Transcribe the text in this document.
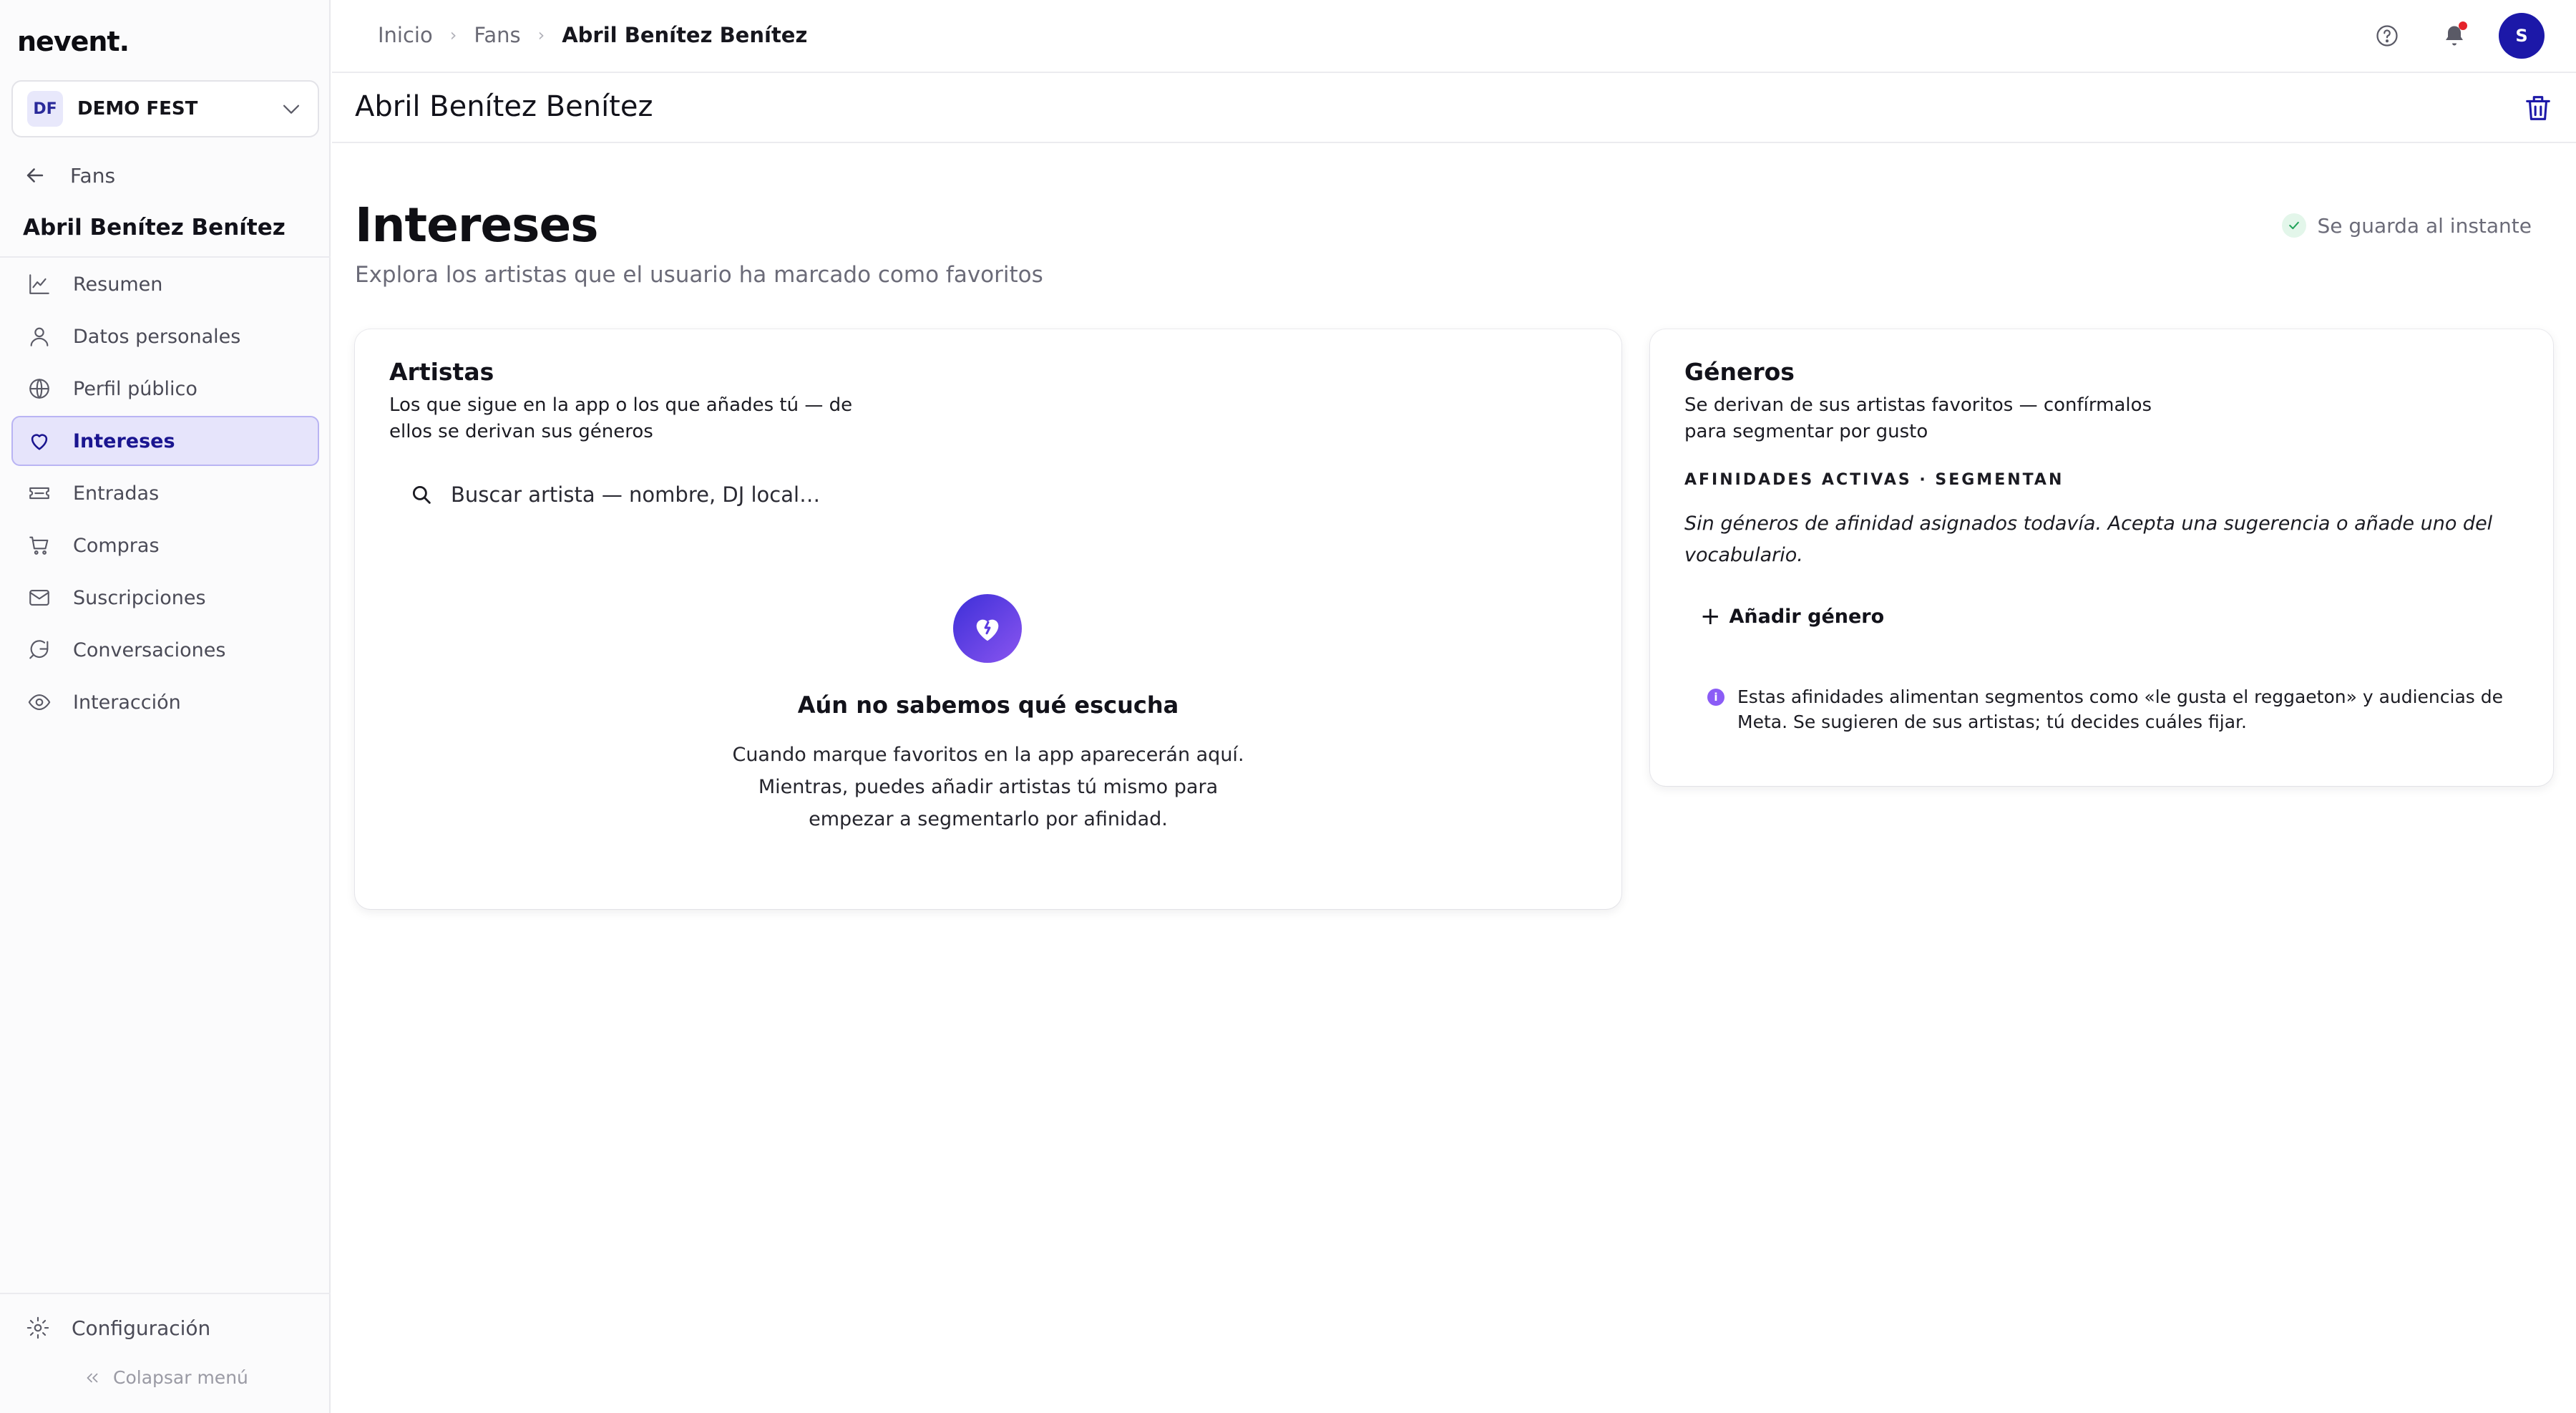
nevent.
DF	DEMO FEST
Fans
Abril Benítez Benítez
Resumen
Datos personales
Perfil público
Intereses
Entradas
Compras
Suscripciones
Conversaciones
Interacción
Configuración
Colapsar menú
Inicio › Fans › Abril Benítez Benítez	S
Abril Benítez Benítez
Intereses

Explora los artistas que el usuario ha marcado como favoritos

Se guarda al instante
Artistas
Los que sigue en la app o los que añades tú — de
ellos se derivan sus géneros
Buscar artista — nombre, DJ local…
Aún no sabemos qué escucha
Cuando marque favoritos en la app aparecerán aquí.
Mientras, puedes añadir artistas tú mismo para
empezar a segmentarlo por afinidad.
Géneros
Se derivan de sus artistas favoritos — confírmalos
para segmentar por gusto
AFINIDADES ACTIVAS · SEGMENTAN
Sin géneros de afinidad asignados todavía. Acepta una sugerencia o añade uno del vocabulario.
+ Añadir género
i	Estas afinidades alimentan segmentos como «le gusta el reggaeton» y audiencias de Meta. Se sugieren de sus artistas; tú decides cuáles fijar.
